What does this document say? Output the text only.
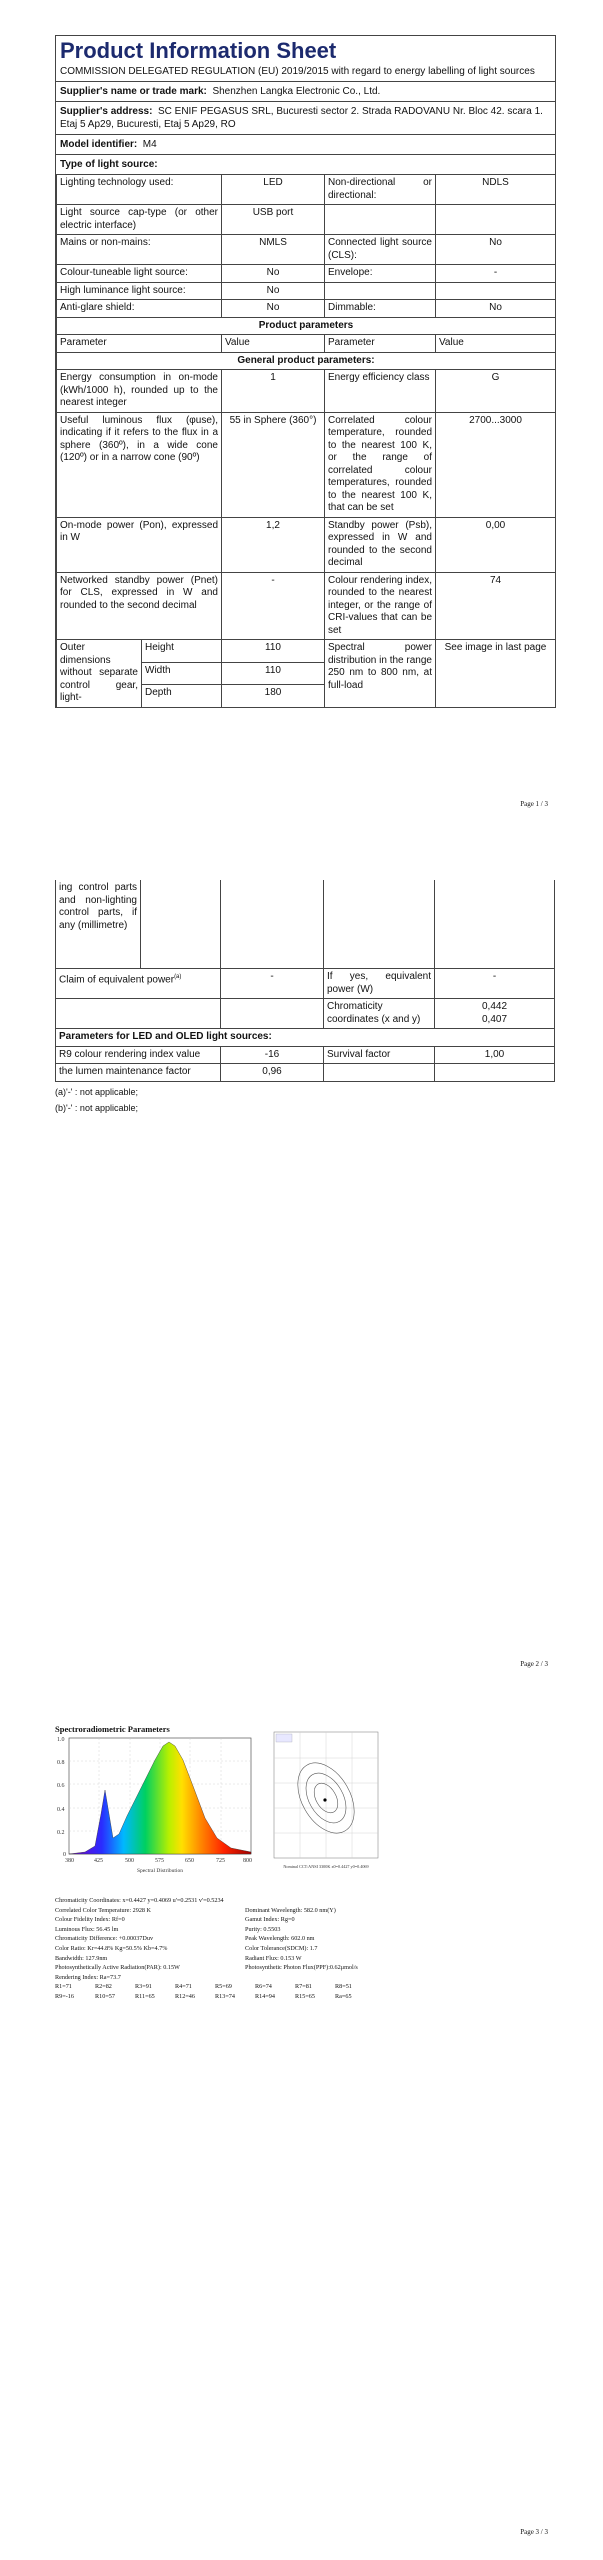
Product Information Sheet
COMMISSION DELEGATED REGULATION (EU) 2019/2015 with regard to energy labelling of light sources
Supplier's name or trade mark: Shenzhen Langka Electronic Co., Ltd.
Supplier's address: SC ENIF PEGASUS SRL, Bucuresti sector 2. Strada RADOVANU Nr. Bloc 42. scara 1. Etaj 5 Ap29, Bucuresti, Etaj 5 Ap29, RO
Model identifier: M4
Type of light source:
Lighting technology used:	LED	Non-directional or directional:	NDLS
Light source cap-type (or other electric interface)	USB port		
Mains or non-mains:	NMLS	Connected light source (CLS):	No
Colour-tuneable light source:	No	Envelope:	-
High luminance light source:	No		
Anti-glare shield:	No	Dimmable:	No
Product parameters			
Parameter	Value	Parameter	Value
General product parameters:			
Energy consumption in on-mode (kWh/1000 h), rounded up to the nearest integer	1	Energy efficiency class	G
Useful luminous flux (φuse), indicating if it refers to the flux in a sphere (360º), in a wide cone (120º) or in a narrow cone (90º)	55 in Sphere (360°)	Correlated colour temperature, rounded to the nearest 100 K, or the range of correlated colour temperatures, rounded to the nearest 100 K, that can be set	2700...3000
On-mode power (Pon), expressed in W	1,2	Standby power (Psb), expressed in W and rounded to the second decimal	0,00
Networked standby power (Pnet) for CLS, expressed in W and rounded to the second decimal	-	Colour rendering index, rounded to the nearest integer, or the range of CRI-values that can be set	74
Outer dimensions without separate control gear, light-	Height	110	Spectral power distribution in the range 250 nm to 800 nm, at full-load	See image in last page
	Width	110		
	Depth	180		
Page 1 / 3
ing control parts and non-lighting control parts, if any (millimetre)				
Claim of equivalent power$^{(a)}$	-	If yes, equivalent power (W)	-
		Chromaticity coordinates (x and y)	0,442
0,407
Parameters for LED and OLED light sources:			
R9 colour rendering index value	-16	Survival factor	1,00
the lumen maintenance factor	0,96		
(a)'-' : not applicable;
(b)'-' : not applicable;
Page 2 / 3
Spectroradiometric Parameters
1.0
0.8
0.6
0.4
0.2
0
380	425	500	575	650	725	800
Spectral Distribution
Nominal CCT:ANSI 3300K x0=0.4427 y0=0.4069
Chromaticity Coordinates: x=0.4427 y=0.4069 u'=0.2531 v'=0.5234
Correlated Color Temperature: 2928 K	Dominant Wavelength: 582.0 nm(Y)
Colour Fidelity Index: Rf=0	Gamut Index: Rg=0
Luminous Flux: 56.45 lm	Purity: 0.5503
Chromaticity Difference: +0.00037Duv	Peak Wavelength: 602.0 nm
Color Ratio: Kr=44.8% Kg=50.5% Kb=4.7%	Color Tolerance(SDCM): 1.7
Bandwidth: 127.9nm	Radiant Flux: 0.153 W
Photosynthetically Active Radiation(PAR): 0.15W	Photosynthetic Photon Flux(PPF):0.62μmol/s
Rendering Index: Ra=73.7
R1=71	R2=82	R3=91	R4=71	R5=69	R6=74	R7=81	R8=51
R9=-16	R10=57	R11=65	R12=46	R13=74	R14=94	R15=65	Ra=65
Page 3 / 3
